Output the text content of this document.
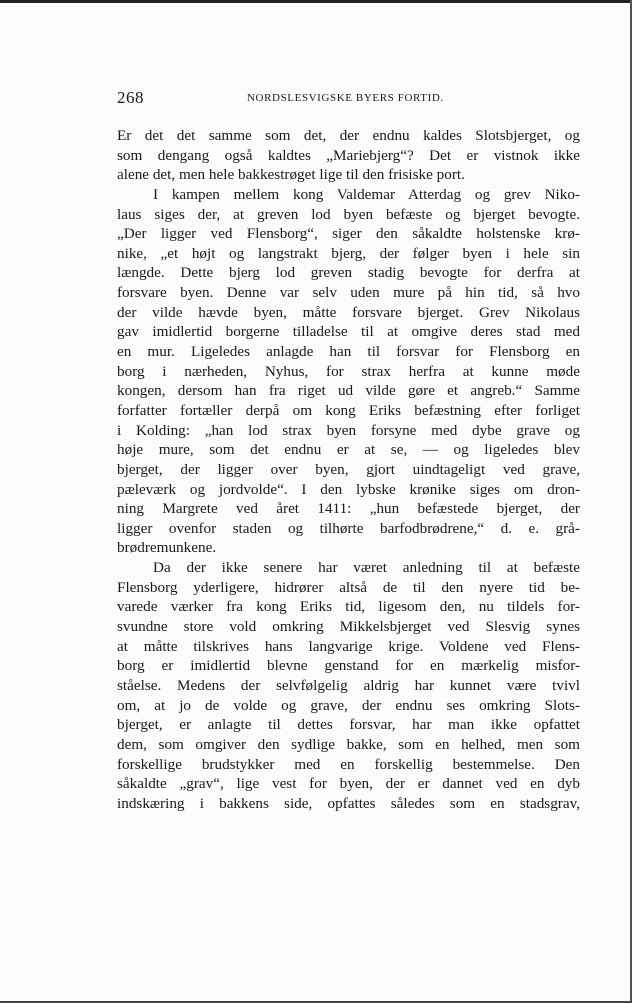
268	NORDSLESVIGSKE BYERS FORTID.
Er det det samme som det, der endnu kaldes Slotsbjerget, og
som dengang også kaldtes „Mariebjerg“? Det er vistnok ikke
alene det, men hele bakkestrøget lige til den frisiske port.
I kampen mellem kong Valdemar Atterdag og grev Niko-
laus siges der, at greven lod byen befæste og bjerget bevogte.
„Der ligger ved Flensborg“, siger den såkaldte holstenske krø-
nike, „et højt og langstrakt bjerg, der følger byen i hele sin
længde. Dette bjerg lod greven stadig bevogte for derfra at
forsvare byen. Denne var selv uden mure på hin tid, så hvo
der vilde hævde byen, måtte forsvare bjerget. Grev Nikolaus
gav imidlertid borgerne tilladelse til at omgive deres stad med
en mur. Ligeledes anlagde han til forsvar for Flensborg en
borg i nærheden, Nyhus, for strax herfra at kunne møde
kongen, dersom han fra riget ud vilde gøre et angreb.“ Samme
forfatter fortæller derpå om kong Eriks befæstning efter forliget
i Kolding: „han lod strax byen forsyne med dybe grave og
høje mure, som det endnu er at se, — og ligeledes blev
bjerget, der ligger over byen, gjort uindtageligt ved grave,
pæleværk og jordvolde“. I den lybske krønike siges om dron-
ning Margrete ved året 1411: „hun befæstede bjerget, der
ligger ovenfor staden og tilhørte barfodbrødrene,“ d. e. grå-
brødremunkene.
Da der ikke senere har været anledning til at befæste
Flensborg yderligere, hidrører altså de til den nyere tid be-
varede værker fra kong Eriks tid, ligesom den, nu tildels for-
svundne store vold omkring Mikkelsbjerget ved Slesvig synes
at måtte tilskrives hans langvarige krige. Voldene ved Flens-
borg er imidlertid blevne genstand for en mærkelig misfor-
ståelse. Medens der selvfølgelig aldrig har kunnet være tvivl
om, at jo de volde og grave, der endnu ses omkring Slots-
bjerget, er anlagte til dettes forsvar, har man ikke opfattet
dem, som omgiver den sydlige bakke, som en helhed, men som
forskellige brudstykker med en forskellig bestemmelse. Den
såkaldte „grav“, lige vest for byen, der er dannet ved en dyb
indskæring i bakkens side, opfattes således som en stadsgrav,
